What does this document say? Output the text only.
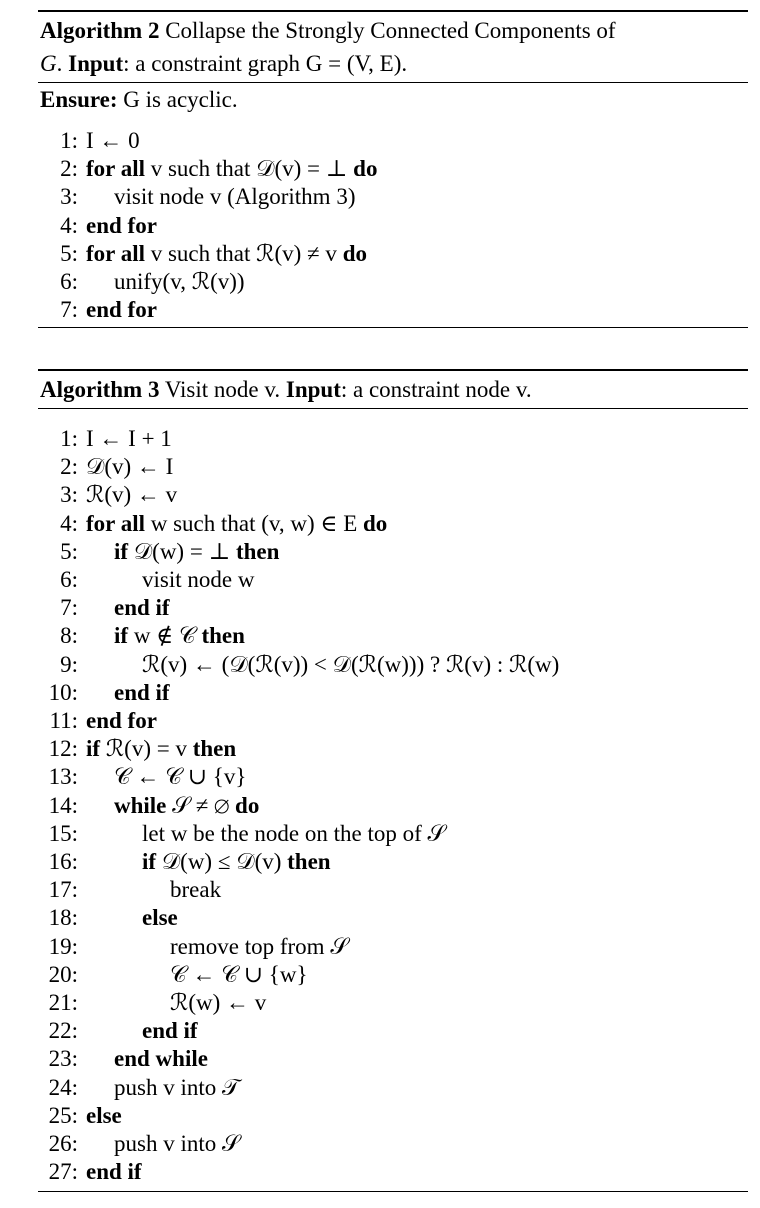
Algorithm 2 Collapse the Strongly Connected Components of
G. Input: a constraint graph G = (V, E).
Ensure: G is acyclic.
1: I ← 0
2: for all v such that 𝒟(v) = ⊥ do
3: visit node v (Algorithm 3)
4: end for
5: for all v such that ℛ(v) ≠ v do
6: unify(v, ℛ(v))
7: end for
Algorithm 3 Visit node v. Input: a constraint node v.
1: I ← I + 1
2: 𝒟(v) ← I
3: ℛ(v) ← v
4: for all w such that (v, w) ∈ E do
5: if 𝒟(w) = ⊥ then
6:	visit node w
7: end if
8: if w ∉ 𝒞 then
9:	ℛ(v) ← (𝒟(ℛ(v)) < 𝒟(ℛ(w))) ? ℛ(v) : ℛ(w)
10: end if
11: end for
12: if ℛ(v) = v then
13: 𝒞 ← 𝒞 ∪ {v}
14: while 𝒮 ≠ ∅ do
15:	let w be the node on the top of 𝒮
16:	if 𝒟(w) ≤ 𝒟(v) then
17:	break
18:	else
19:	remove top from 𝒮
20:	𝒞 ← 𝒞 ∪ {w}
21:	ℛ(w) ← v
22:	end if
23: end while
24: push v into 𝒯
25: else
26: push v into 𝒮
27: end if
